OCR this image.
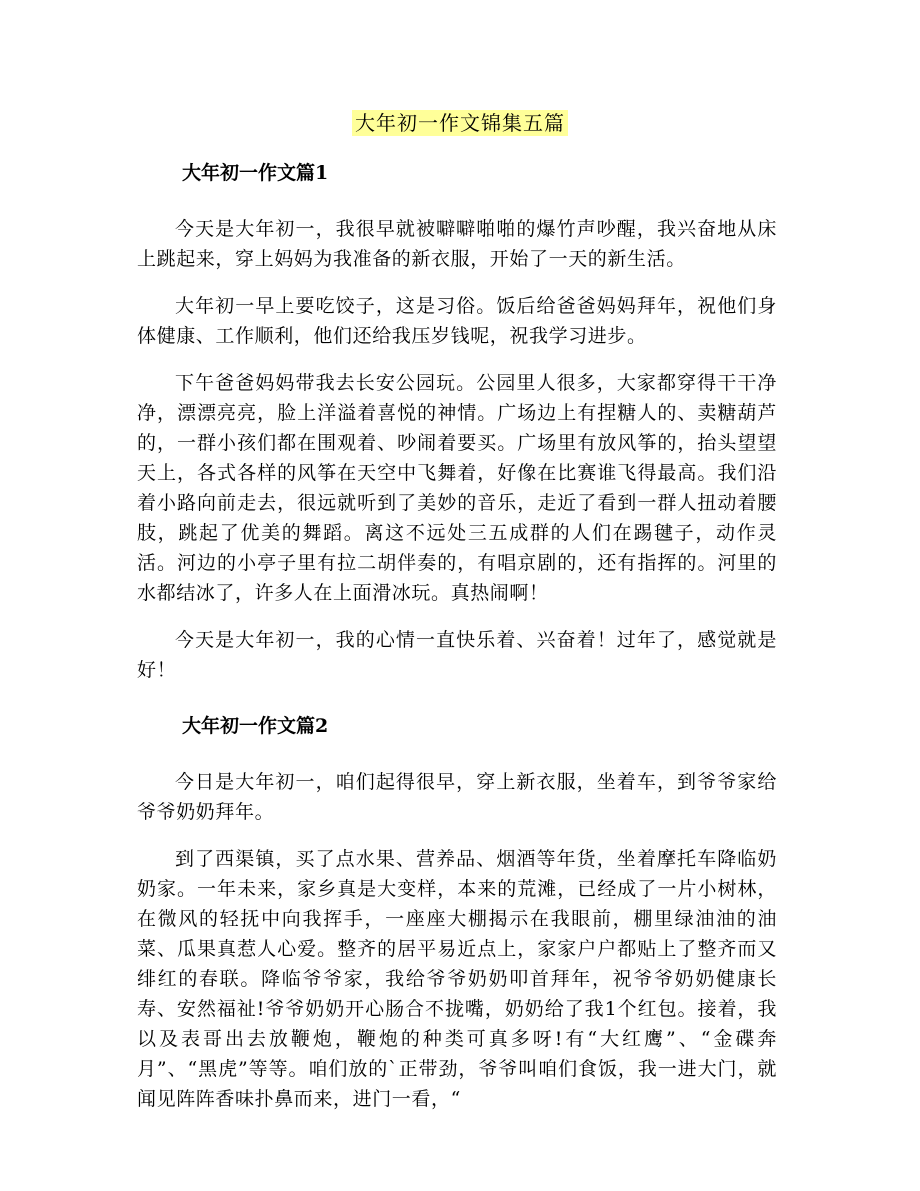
大年初一作文锦集五篇
大年初一作文篇1

今天是大年初一，我很早就被噼噼啪啪的爆竹声吵醒，我兴奋地从床上跳起来，穿上妈妈为我准备的新衣服，开始了一天的新生活。

大年初一早上要吃饺子，这是习俗。饭后给爸爸妈妈拜年，祝他们身体健康、工作顺利，他们还给我压岁钱呢，祝我学习进步。

下午爸爸妈妈带我去长安公园玩。公园里人很多，大家都穿得干干净净，漂漂亮亮，脸上洋溢着喜悦的神情。广场边上有捏糖人的、卖糖葫芦的，一群小孩们都在围观着、吵闹着要买。广场里有放风筝的，抬头望望天上，各式各样的风筝在天空中飞舞着，好像在比赛谁飞得最高。我们沿着小路向前走去，很远就听到了美妙的音乐，走近了看到一群人扭动着腰肢，跳起了优美的舞蹈。离这不远处三五成群的人们在踢毽子，动作灵活。河边的小亭子里有拉二胡伴奏的，有唱京剧的，还有指挥的。河里的水都结冰了，许多人在上面滑冰玩。真热闹啊！

今天是大年初一，我的心情一直快乐着、兴奋着！过年了，感觉就是好！

大年初一作文篇2

今日是大年初一，咱们起得很早，穿上新衣服，坐着车，到爷爷家给爷爷奶奶拜年。

到了西渠镇，买了点水果、营养品、烟酒等年货，坐着摩托车降临奶奶家。一年未来，家乡真是大变样，本来的荒滩，已经成了一片小树林，在微风的轻抚中向我挥手，一座座大棚揭示在我眼前，棚里绿油油的油菜、瓜果真惹人心爱。整齐的居平易近点上，家家户户都贴上了整齐而又绯红的春联。降临爷爷家，我给爷爷奶奶叩首拜年，祝爷爷奶奶健康长寿、安然福祉!爷爷奶奶开心肠合不拢嘴，奶奶给了我1个红包。接着，我以及表哥出去放鞭炮，鞭炮的种类可真多呀!有“大红鹰”、“金碟奔月”、“黑虎”等等。咱们放的`正带劲，爷爷叫咱们食饭，我一进大门，就闻见阵阵香味扑鼻而来，进门一看，“
